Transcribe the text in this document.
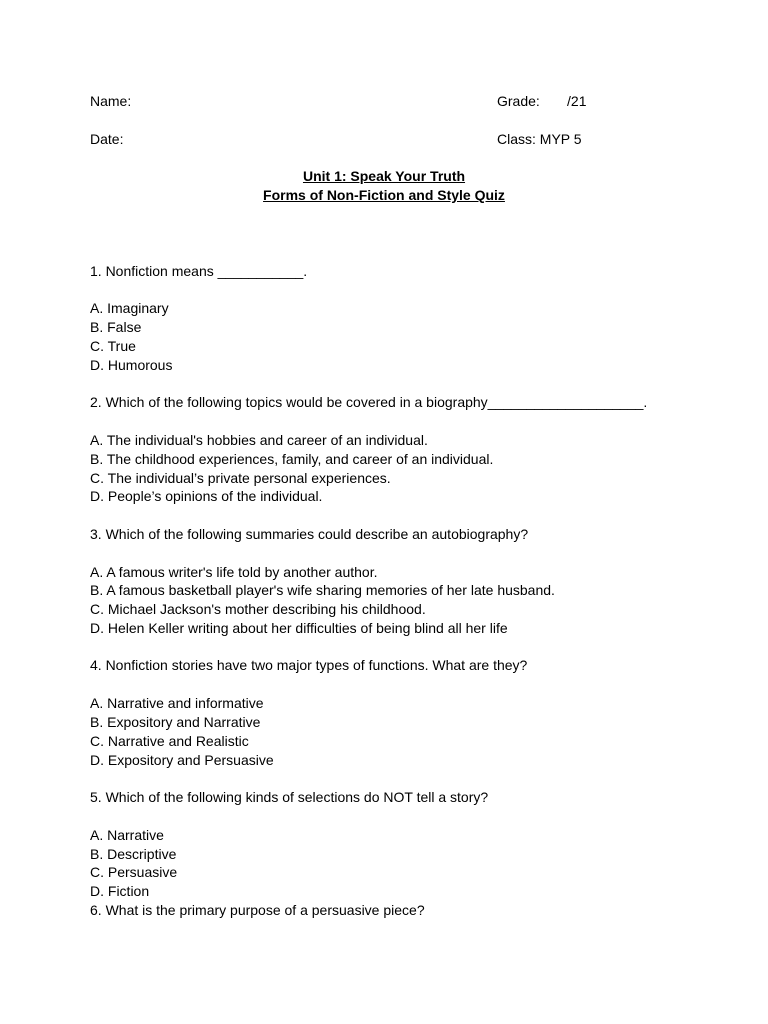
Name:	Grade:       /21
Date:	Class: MYP 5
Unit 1: Speak Your Truth
Forms of Non-Fiction and Style Quiz
1. Nonfiction means ___________.
A. Imaginary
B. False
C. True
D. Humorous
2. Which of the following topics would be covered in a biography____________________.
A. The individual's hobbies and career of an individual.
B. The childhood experiences, family, and career of an individual.
C. The individual’s private personal experiences.
D. People’s opinions of the individual.
3. Which of the following summaries could describe an autobiography?
A. A famous writer's life told by another author.
B. A famous basketball player's wife sharing memories of her late husband.
C. Michael Jackson's mother describing his childhood.
D. Helen Keller writing about her difficulties of being blind all her life
4. Nonfiction stories have two major types of functions. What are they?
A. Narrative and informative
B. Expository and Narrative
C. Narrative and Realistic
D. Expository and Persuasive
5. Which of the following kinds of selections do NOT tell a story?
A. Narrative
B. Descriptive
C. Persuasive
D. Fiction
6. What is the primary purpose of a persuasive piece?
